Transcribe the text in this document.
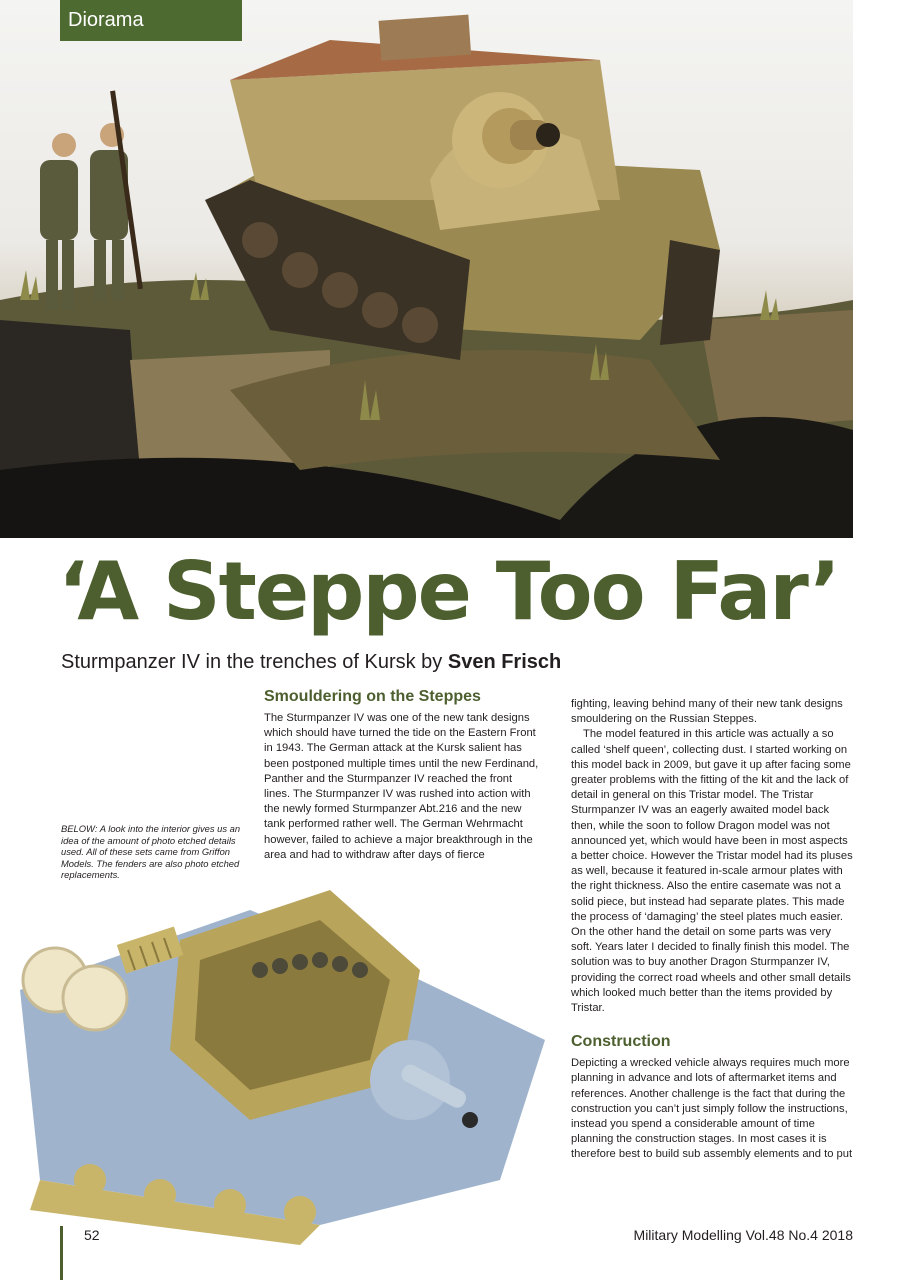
Diorama
‘A Steppe Too Far’
Sturmpanzer IV in the trenches of Kursk by Sven Frisch
Smouldering on the Steppes

The Sturmpanzer IV was one of the new tank designs which should have turned the tide on the Eastern Front in 1943. The German attack at the Kursk salient has been postponed multiple times until the new Ferdinand, Panther and the Sturmpanzer IV reached the front lines. The Sturmpanzer IV was rushed into action with the newly formed Sturmpanzer Abt.216 and the new tank performed rather well. The German Wehrmacht however, failed to achieve a major breakthrough in the area and had to withdraw after days of fierce

fighting, leaving behind many of their new tank designs smouldering on the Russian Steppes.

The model featured in this article was actually a so called ‘shelf queen’, collecting dust. I started working on this model back in 2009, but gave it up after facing some greater problems with the fitting of the kit and the lack of detail in general on this Tristar model. The Tristar Sturmpanzer IV was an eagerly awaited model back then, while the soon to follow Dragon model was not announced yet, which would have been in most aspects a better choice. However the Tristar model had its pluses as well, because it featured in-scale armour plates with the right thickness. Also the entire casemate was not a solid piece, but instead had separate plates. This made the process of ‘damaging’ the steel plates much easier. On the other hand the detail on some parts was very soft. Years later I decided to finally finish this model. The solution was to buy another Dragon Sturmpanzer IV, providing the correct road wheels and other small details which looked much better than the items provided by Tristar.

Construction

Depicting a wrecked vehicle always requires much more planning in advance and lots of aftermarket items and references. Another challenge is the fact that during the construction you can’t just simply follow the instructions, instead you spend a considerable amount of time planning the construction stages. In most cases it is therefore best to build sub assembly elements and to put

BELOW: A look into the interior gives us an idea of the amount of photo etched details used. All of these sets came from Griffon Models. The fenders are also photo etched replacements.
52	Military Modelling Vol.48 No.4 2018
